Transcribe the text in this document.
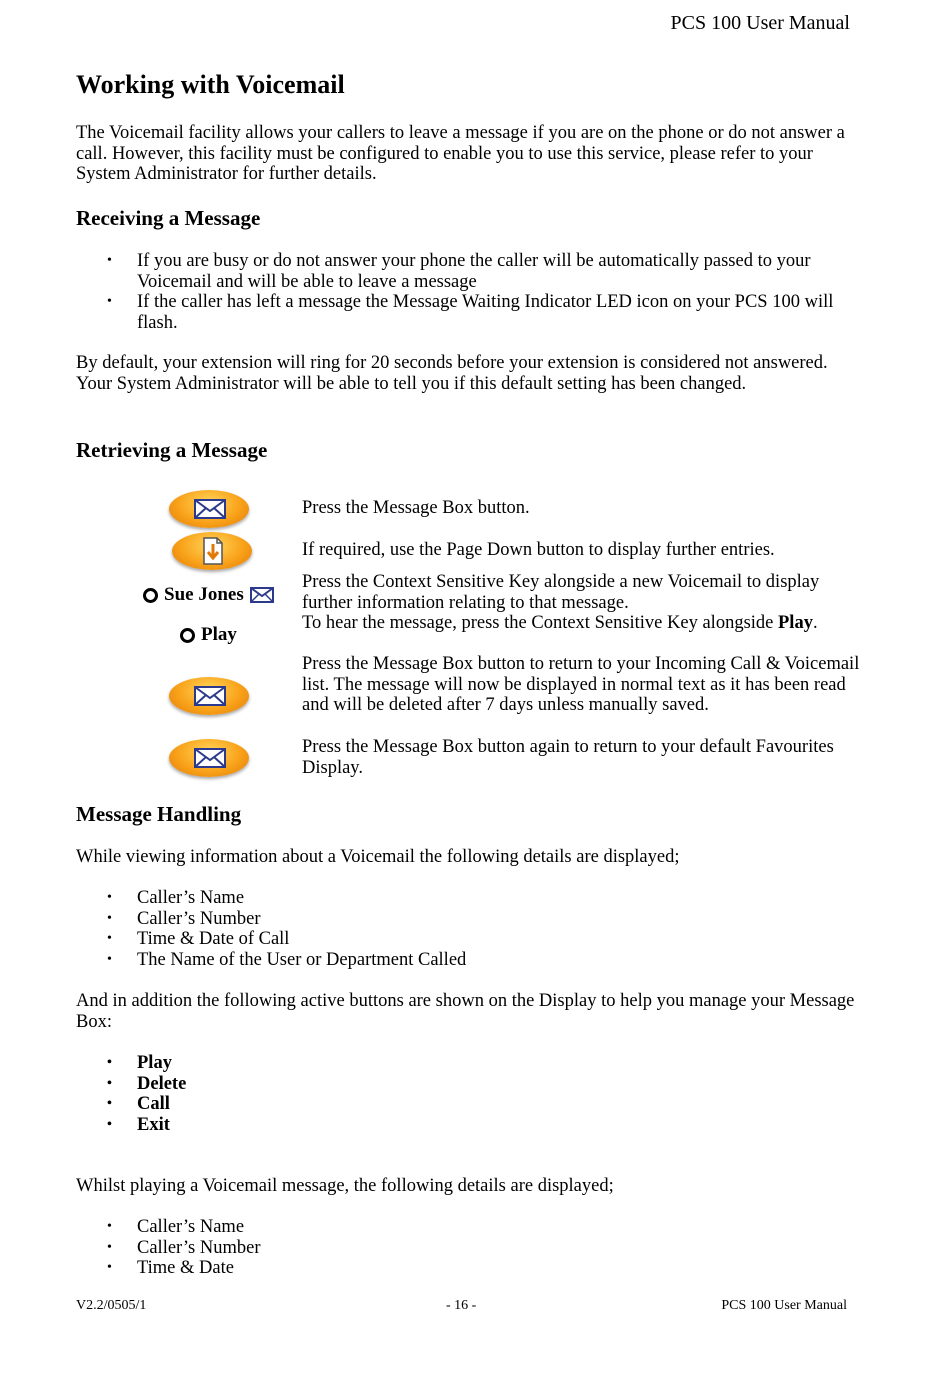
PCS 100 User Manual
Working with Voicemail

The Voicemail facility allows your callers to leave a message if you are on the phone or do not answer a call. However, this facility must be configured to enable you to use this service, please refer to your System Administrator for further details.

Receiving a Message
• If you are busy or do not answer your phone the caller will be automatically passed to your Voicemail and will be able to leave a message
• If the caller has left a message the Message Waiting Indicator LED icon on your PCS 100 will flash.

By default, your extension will ring for 20 seconds before your extension is considered not answered. Your System Administrator will be able to tell you if this default setting has been changed.

Retrieving a Message
Sue Jones
Play
Press the Message Box button.
If required, use the Page Down button to display further entries.
Press the Context Sensitive Key alongside a new Voicemail to display further information relating to that message.
To hear the message, press the Context Sensitive Key alongside Play.
Press the Message Box button to return to your Incoming Call & Voicemail list. The message will now be displayed in normal text as it has been read and will be deleted after 7 days unless manually saved.
Press the Message Box button again to return to your default Favourites Display.
Message Handling

While viewing information about a Voicemail the following details are displayed;

• Caller’s Name
• Caller’s Number
• Time & Date of Call
• The Name of the User or Department Called

And in addition the following active buttons are shown on the Display to help you manage your Message Box:

• Play
• Delete
• Call
• Exit

Whilst playing a Voicemail message, the following details are displayed;

• Caller’s Name
• Caller’s Number
• Time & Date
V2.2/0505/1	- 16 -	PCS 100 User Manual
